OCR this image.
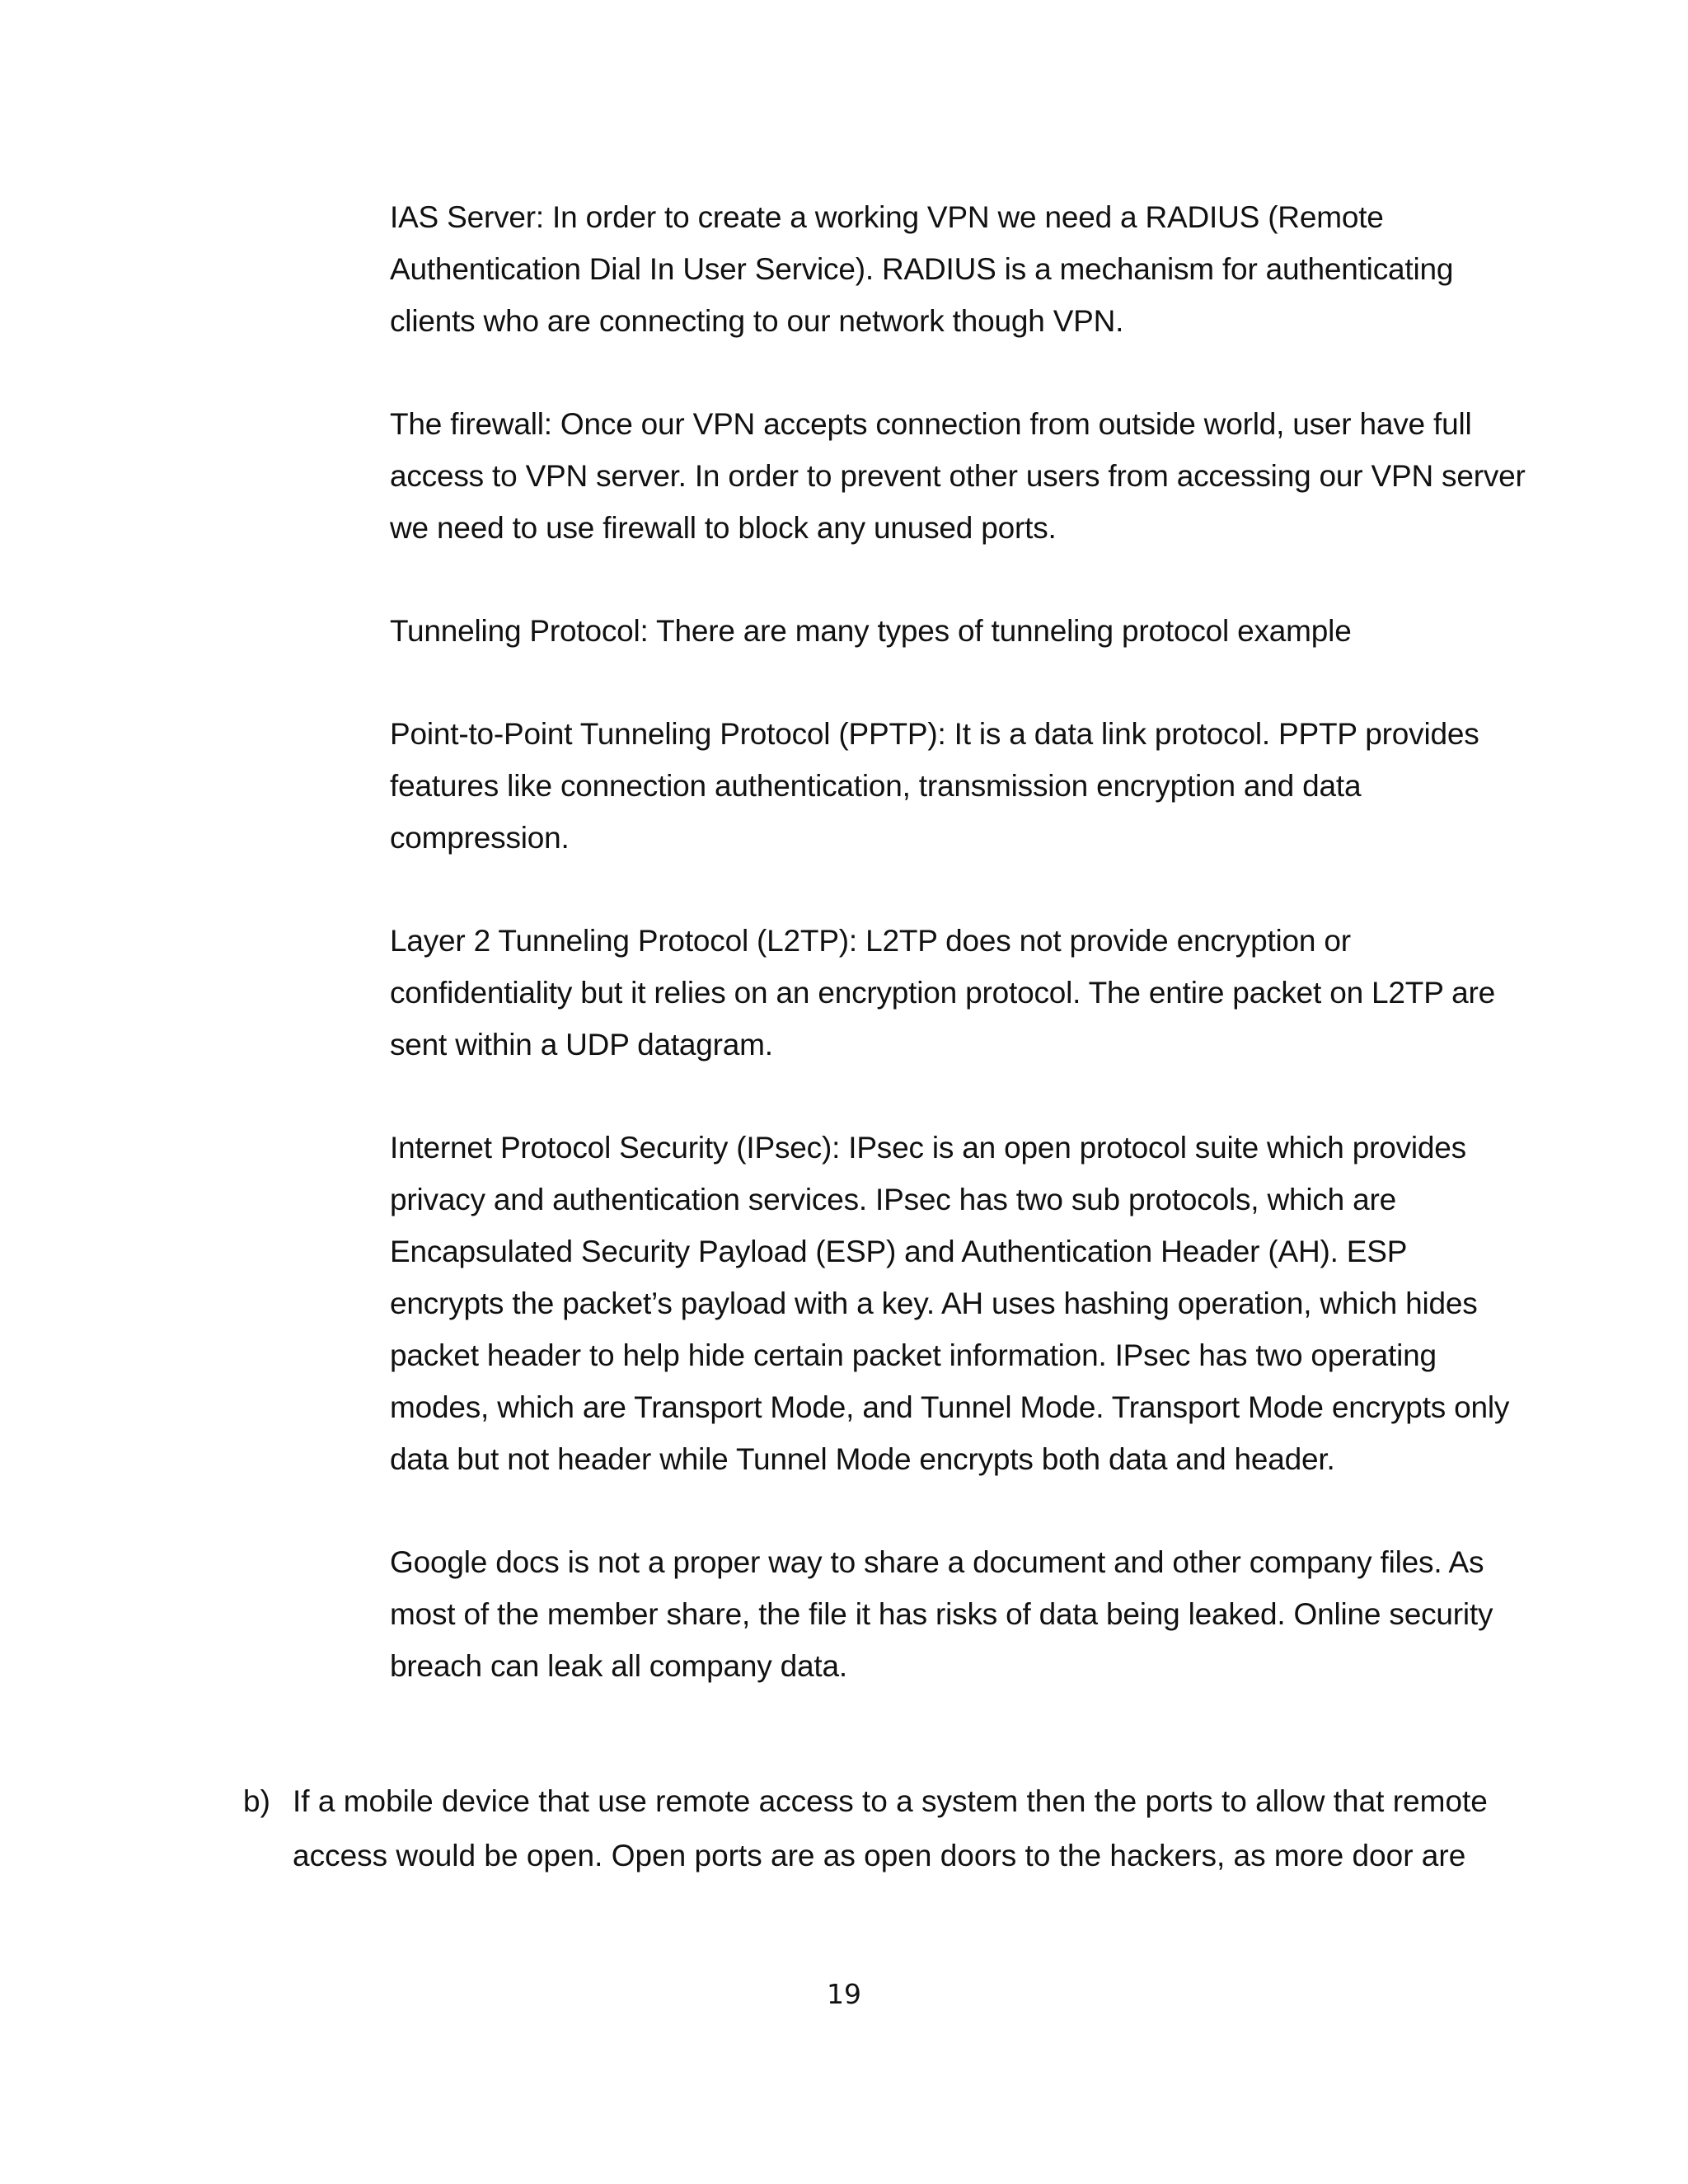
IAS Server: In order to create a working VPN we need a RADIUS (Remote Authentication Dial In User Service). RADIUS is a mechanism for authenticating clients who are connecting to our network though VPN.

The firewall: Once our VPN accepts connection from outside world, user have full access to VPN server. In order to prevent other users from accessing our VPN server we need to use firewall to block any unused ports.

Tunneling Protocol: There are many types of tunneling protocol example

Point-to-Point Tunneling Protocol (PPTP): It is a data link protocol. PPTP provides features like connection authentication, transmission encryption and data compression.

Layer 2 Tunneling Protocol (L2TP): L2TP does not provide encryption or confidentiality but it relies on an encryption protocol. The entire packet on L2TP are sent within a UDP datagram.

Internet Protocol Security (IPsec): IPsec is an open protocol suite which provides privacy and authentication services. IPsec has two sub protocols, which are Encapsulated Security Payload (ESP) and Authentication Header (AH). ESP encrypts the packet’s payload with a key. AH uses hashing operation, which hides packet header to help hide certain packet information. IPsec has two operating modes, which are Transport Mode, and Tunnel Mode. Transport Mode encrypts only data but not header while Tunnel Mode encrypts both data and header.

Google docs is not a proper way to share a document and other company files. As most of the member share, the file it has risks of data being leaked. Online security breach can leak all company data.

b) If a mobile device that use remote access to a system then the ports to allow that remote access would be open. Open ports are as open doors to the hackers, as more door are
19
